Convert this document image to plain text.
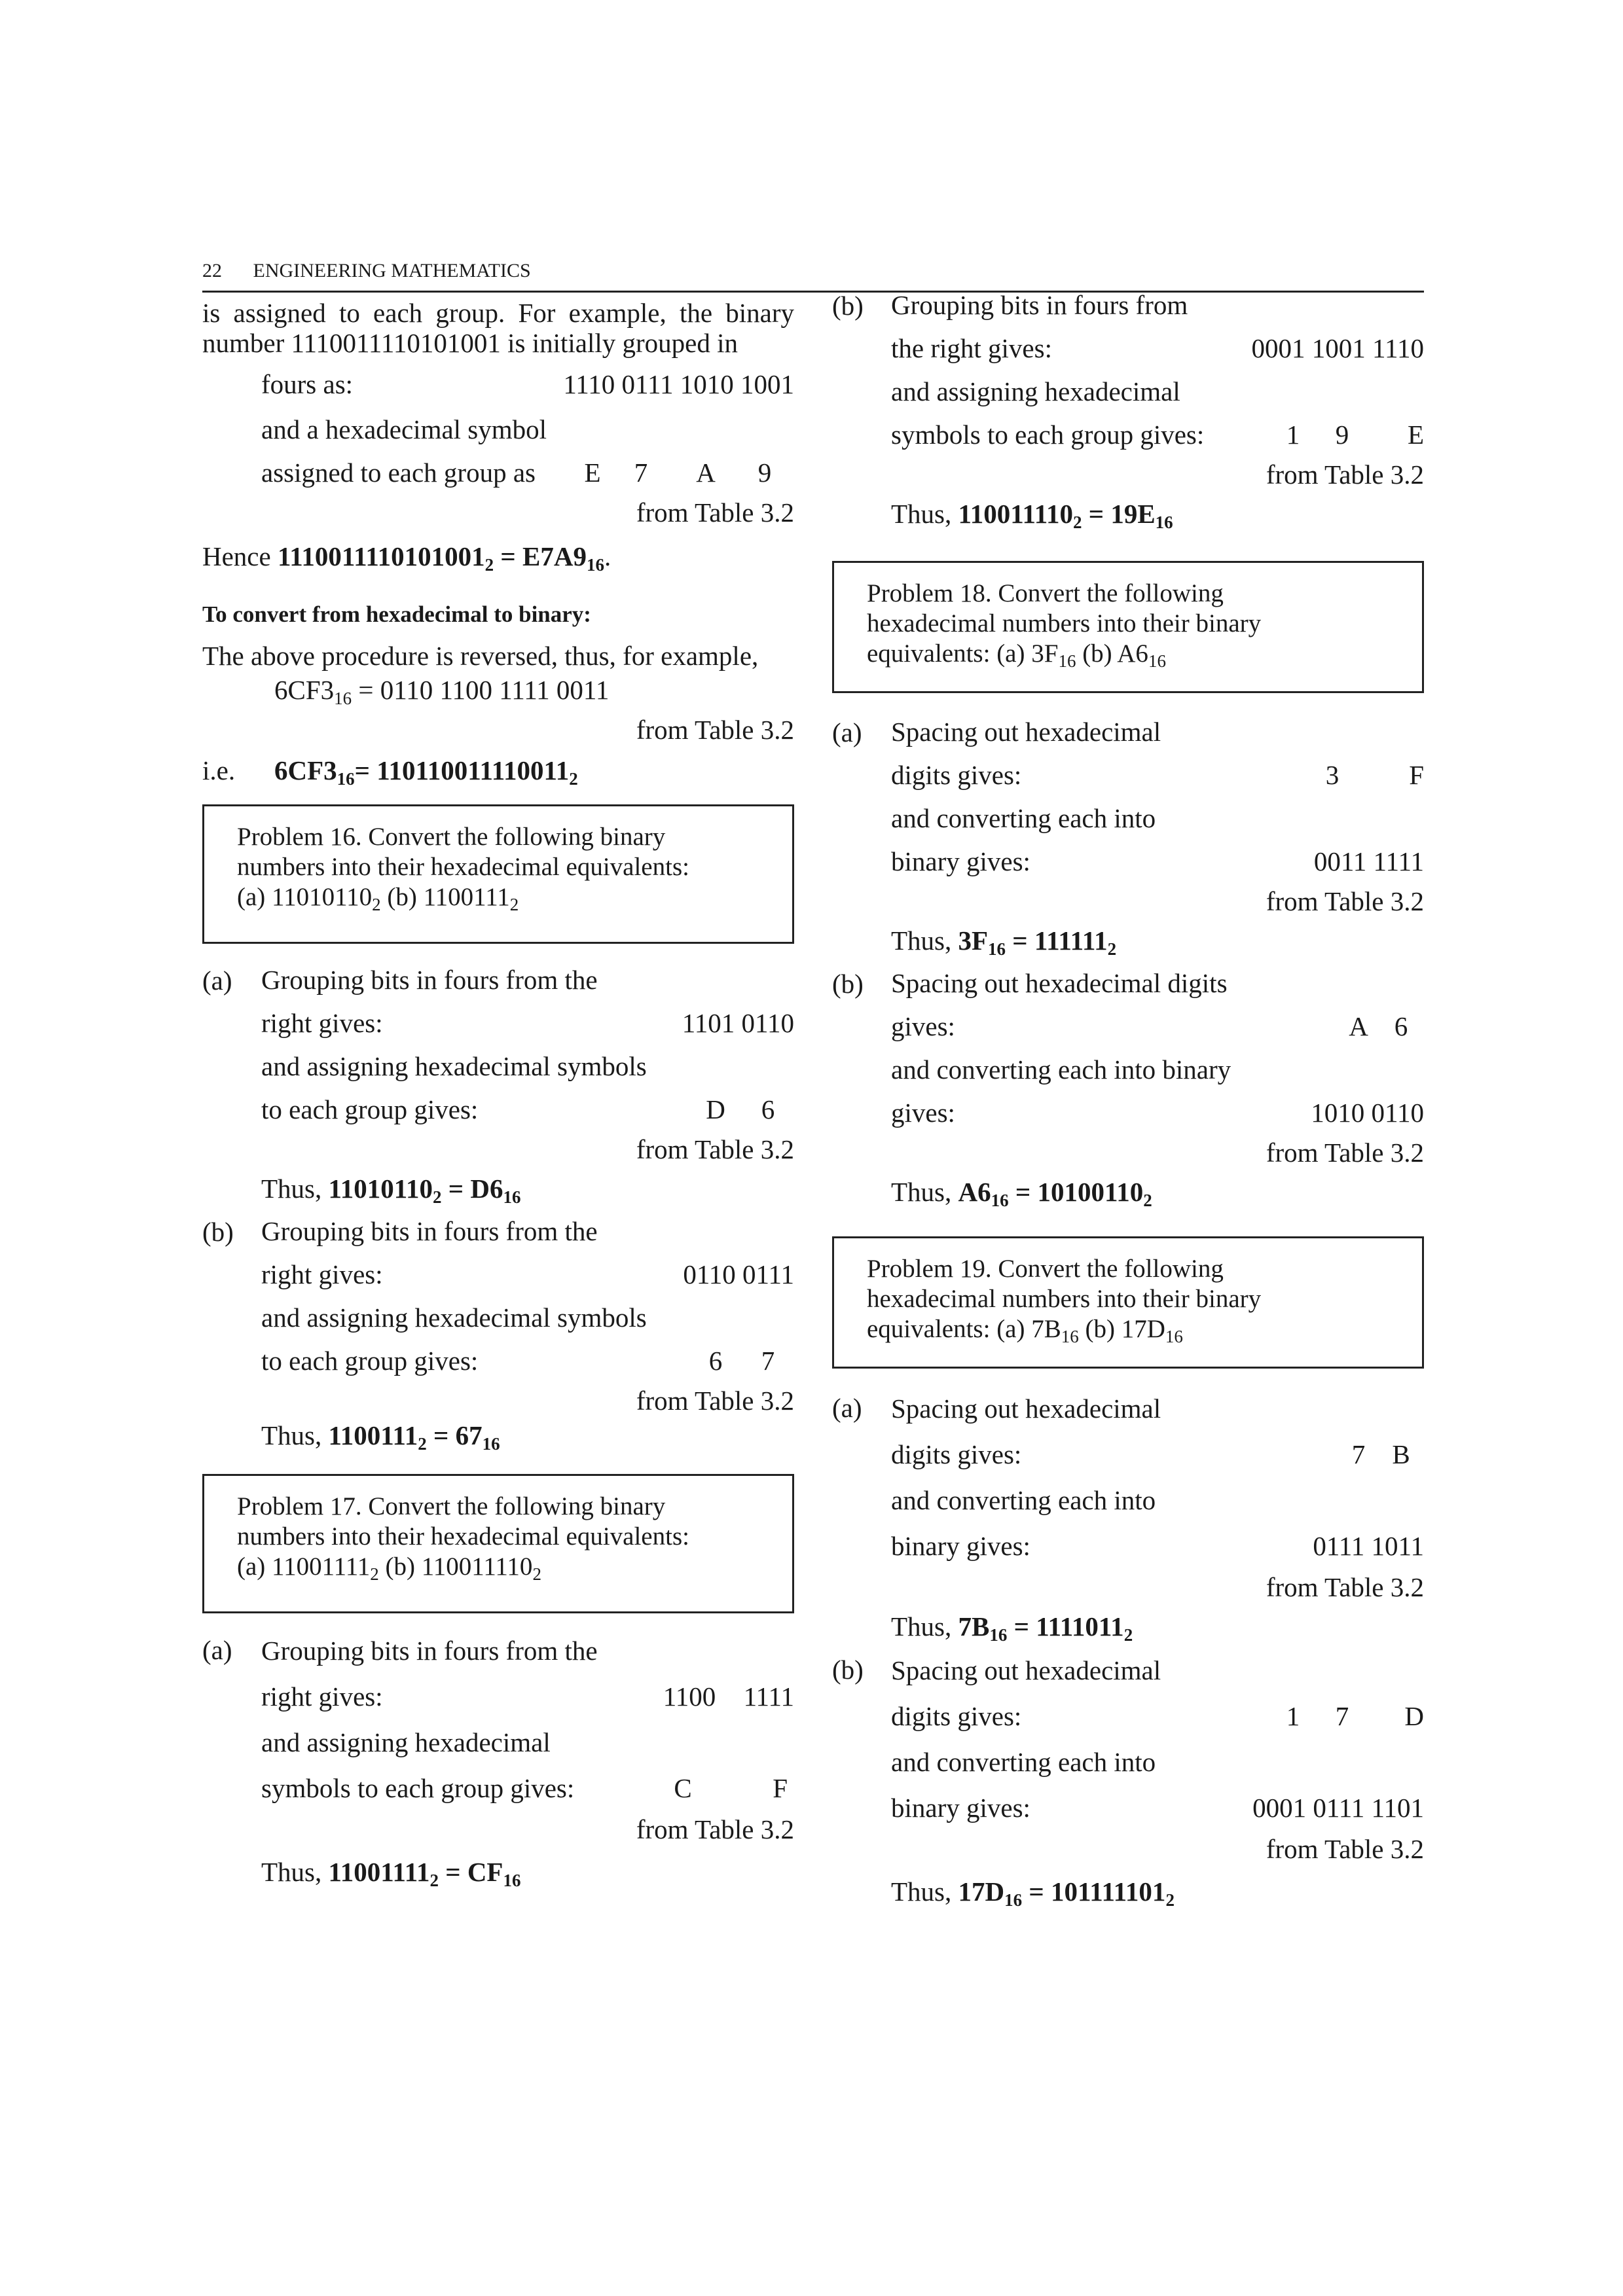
22 ENGINEERING MATHEMATICS

is assigned to each group. For example, the binary number 1110011110101001 is initially grouped in

fours as:	1110 0111 1010 1001
and a hexadecimal symbol
assigned to each group as E	7	A	9
from Table 3.2
Hence $1110011110101001_2 = E7A9_{16}$.
To convert from hexadecimal to binary:

The above procedure is reversed, thus, for example,

$6CF3_{16} = 0110$ 1100 1111 0011
from Table 3.2
i.e. $6CF3_{16}= 110110011110011_2$
Problem 16. Convert the following binary
numbers into their hexadecimal equivalents:
(a) $11010110_2$ (b) $1100111_2$
(a)	Grouping bits in fours from the
right gives:	1101 0110
and assigning hexadecimal symbols
to each group gives:	D	6
from Table 3.2
Thus, $11010110_2 = D6_{16}$
(b)	Grouping bits in fours from the
right gives:	0110 0111
and assigning hexadecimal symbols
to each group gives:	6	7
from Table 3.2
Thus, $1100111_2 = 67_{16}$
Problem 17. Convert the following binary
numbers into their hexadecimal equivalents:
(a) $11001111_2$ (b) $110011110_2$
(a)	Grouping bits in fours from the
right gives:	1100	1111
and assigning hexadecimal
symbols to each group gives:	C	F
from Table 3.2
Thus, $11001111_2 = CF_{16}$
(b)	Grouping bits in fours from
the right gives:	0001 1001 1110
and assigning hexadecimal
symbols to each group gives:	1	9	E
from Table 3.2
Thus, $110011110_2 = 19E_{16}$
Problem 18. Convert the following
hexadecimal numbers into their binary
equivalents: (a) $3F_{16}$ (b) $A6_{16}$
(a)	Spacing out hexadecimal
digits gives:	3	F
and converting each into
binary gives:	0011 1111
from Table 3.2
Thus, $3F_{16} = 111111_2$
(b)	Spacing out hexadecimal digits
gives:	A 6
and converting each into binary
gives:	1010 0110
from Table 3.2
Thus, $A6_{16} = 10100110_2$
Problem 19. Convert the following
hexadecimal numbers into their binary
equivalents: (a) $7B_{16}$ (b) $17D_{16}$
(a)	Spacing out hexadecimal
digits gives:	7	B
and converting each into
binary gives:	0111 1011
from Table 3.2
Thus, $7B_{16} = 1111011_2$
(b)	Spacing out hexadecimal
digits gives:	1	7	D
and converting each into
binary gives:	0001 0111 1101
from Table 3.2
Thus, $17D_{16} = 101111101_2$
